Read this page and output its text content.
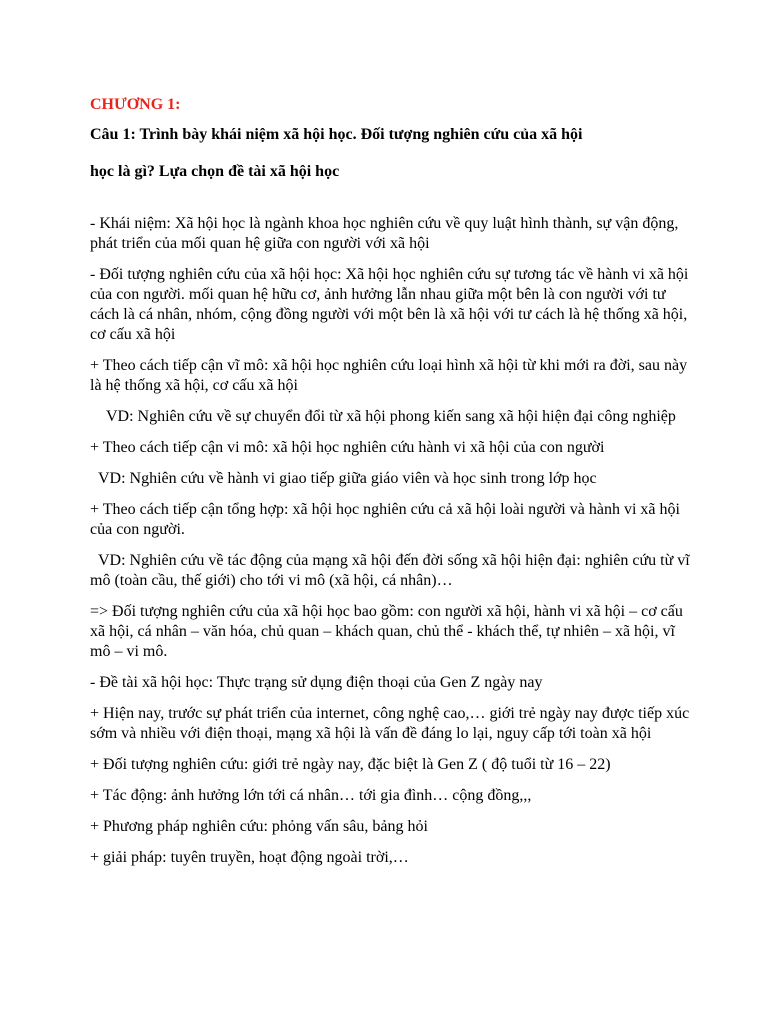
CHƯƠNG 1:
Câu 1: Trình bày khái niệm xã hội học. Đối tượng nghiên cứu của xã hội
học là gì? Lựa chọn đề tài xã hội học

- Khái niệm: Xã hội học là ngành khoa học nghiên cứu về quy luật hình thành, sự vận động, phát triển của mối quan hệ giữa con người với xã hội

- Đối tượng nghiên cứu của xã hội học: Xã hội học nghiên cứu sự tương tác về hành vi xã hội của con người. mối quan hệ hữu cơ, ảnh hưởng lẫn nhau giữa một bên là con người với tư cách là cá nhân, nhóm, cộng đồng người với một bên là xã hội với tư cách là hệ thống xã hội, cơ cấu xã hội

+ Theo cách tiếp cận vĩ mô: xã hội học nghiên cứu loại hình xã hội từ khi mới ra đời, sau này là hệ thống xã hội, cơ cấu xã hội

VD: Nghiên cứu về sự chuyển đổi từ xã hội phong kiến sang xã hội hiện đại công nghiệp

+ Theo cách tiếp cận vi mô: xã hội học nghiên cứu hành vi xã hội của con người

VD: Nghiên cứu về hành vi giao tiếp giữa giáo viên và học sinh trong lớp học

+ Theo cách tiếp cận tổng hợp: xã hội học nghiên cứu cả xã hội loài người và hành vi xã hội của con người.

VD: Nghiên cứu về tác động của mạng xã hội đến đời sống xã hội hiện đại: nghiên cứu từ vĩ mô (toàn cầu, thế giới) cho tới vi mô (xã hội, cá nhân)…

=> Đối tượng nghiên cứu của xã hội học bao gồm: con người xã hội, hành vi xã hội – cơ cấu xã hội, cá nhân – văn hóa, chủ quan – khách quan, chủ thể - khách thể, tự nhiên – xã hội, vĩ mô – vi mô.

- Đề tài xã hội học: Thực trạng sử dụng điện thoại của Gen Z ngày nay

+ Hiện nay, trước sự phát triển của internet, công nghệ cao,… giới trẻ ngày nay được tiếp xúc sớm và nhiều với điện thoại, mạng xã hội là vấn đề đáng lo lại, nguy cấp tới toàn xã hội

+ Đối tượng nghiên cứu: giới trẻ ngày nay, đặc biệt là Gen Z ( độ tuổi từ 16 – 22)

+ Tác động: ảnh hưởng lớn tới cá nhân… tới gia đình… cộng đồng,,,

+ Phương pháp nghiên cứu: phỏng vấn sâu, bảng hỏi

+ giải pháp: tuyên truyền, hoạt động ngoài trời,…
